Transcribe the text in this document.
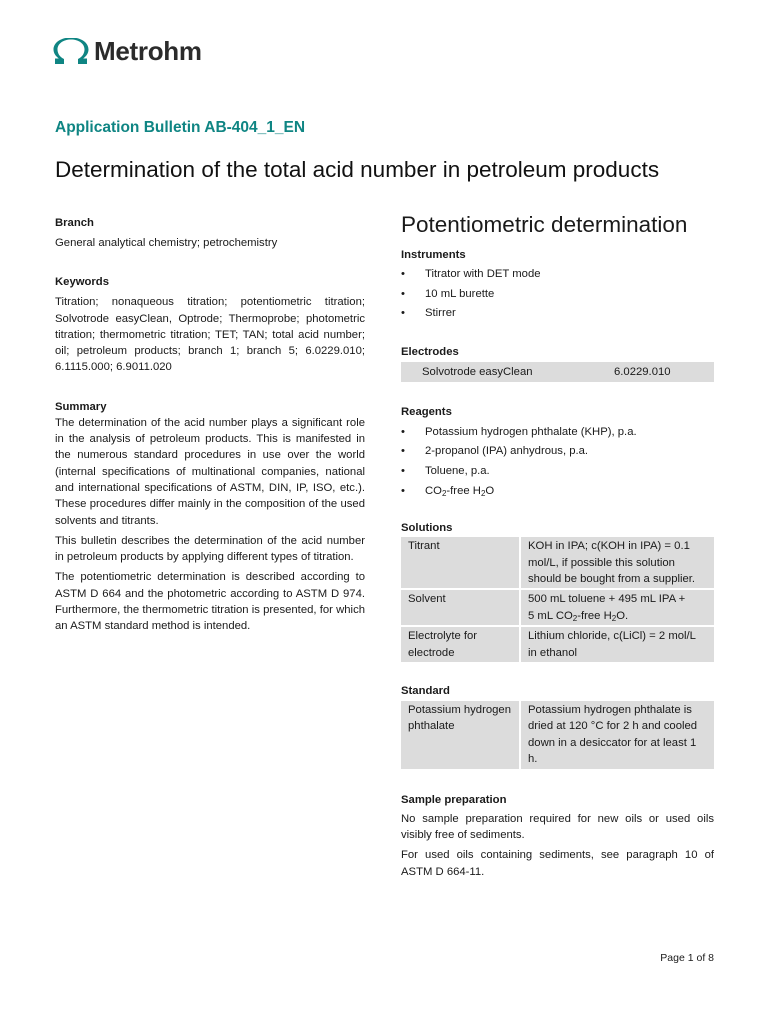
Metrohm
Application Bulletin AB-404_1_EN
Determination of the total acid number in petroleum products
Branch

General analytical chemistry; petrochemistry

Keywords

Titration; nonaqueous titration; potentiometric titration; Solvotrode easyClean, Optrode; Thermoprobe; photometric titration; thermometric titration; TET; TAN; total acid number; oil; petroleum products; branch 1; branch 5; 6.0229.010; 6.1115.000; 6.9011.020

Summary

The determination of the acid number plays a significant role in the analysis of petroleum products. This is manifested in the numerous standard procedures in use over the world (internal specifications of multinational companies, national and international specifications of ASTM, DIN, IP, ISO, etc.). These procedures differ mainly in the composition of the used solvents and titrants.

This bulletin describes the determination of the acid number in petroleum products by applying different types of titration.

The potentiometric determination is described according to ASTM D 664 and the photometric according to ASTM D 974. Furthermore, the thermometric titration is presented, for which an ASTM standard method is intended.

Potentiometric determination
Instruments
• Titrator with DET mode
• 10 mL burette
• Stirrer
Electrodes
Solvotrode easyClean	6.0229.010
Reagents
• Potassium hydrogen phthalate (KHP), p.a.
• 2-propanol (IPA) anhydrous, p.a.
• Toluene, p.a.
• $CO_2$-free $H_2O$
Solutions
Titrant	KOH in IPA; c(KOH in IPA) = 0.1 mol/L, if possible this solution should be bought from a supplier.
Solvent	500 mL toluene + 495 mL IPA +
5 mL $CO_2$-free $H_2O$.
Electrolyte for electrode	Lithium chloride, c(LiCl) = 2 mol/L in ethanol
Standard
Potassium hydrogen phthalate	Potassium hydrogen phthalate is dried at 120 °C for 2 h and cooled down in a desiccator for at least 1 h.
Sample preparation

No sample preparation required for new oils or used oils visibly free of sediments.

For used oils containing sediments, see paragraph 10 of ASTM D 664-11.

Page 1 of 8
